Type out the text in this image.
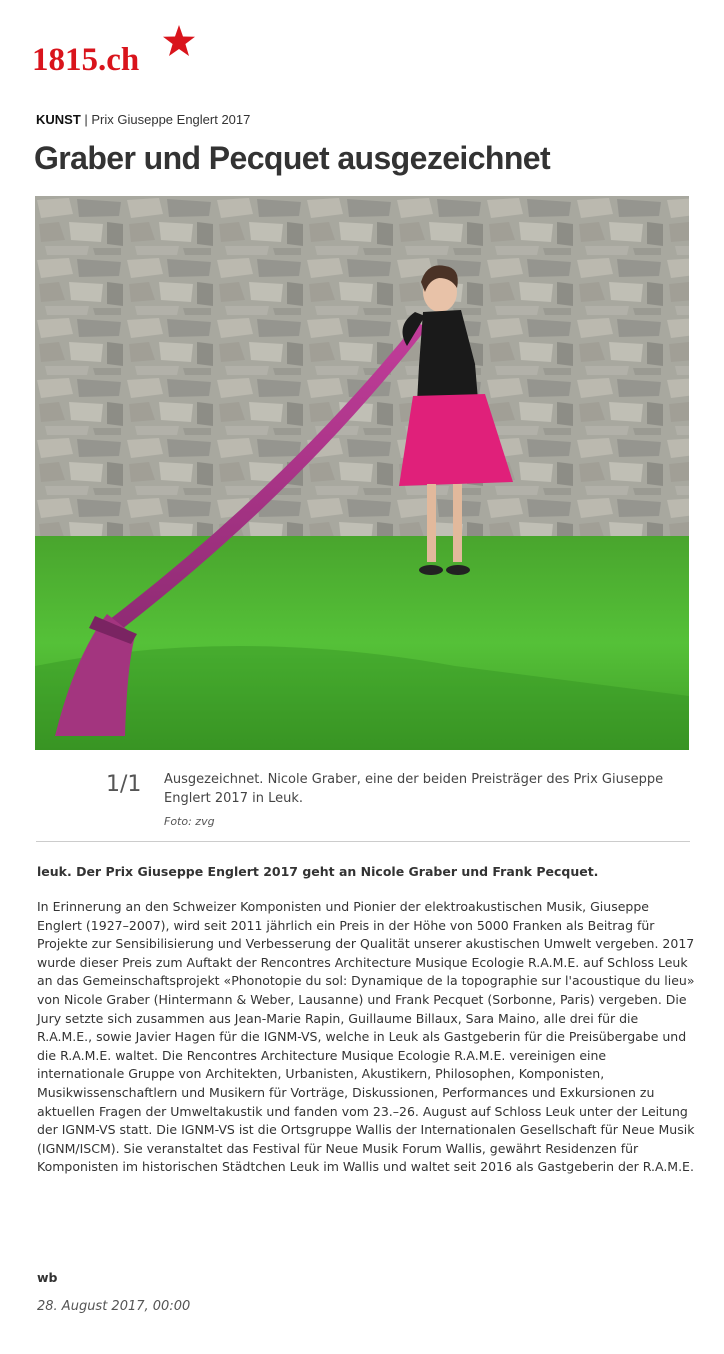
1815.ch
KUNST | Prix Giuseppe Englert 2017
Graber und Pecquet ausgezeichnet
1/1 Ausgezeichnet. Nicole Graber, eine der beiden Preisträger des Prix Giuseppe Englert 2017 in Leuk.
Foto: zvg

leuk. Der Prix Giuseppe Englert 2017 geht an Nicole Graber und Frank Pecquet.

In Erinnerung an den Schweizer Komponisten und Pionier der elektroakustischen Musik, Giuseppe Englert (1927–2007), wird seit 2011 jährlich ein Preis in der Höhe von 5000 Franken als Beitrag für Projekte zur Sensibilisierung und Verbesserung der Qualität unserer akustischen Umwelt vergeben. 2017 wurde dieser Preis zum Auftakt der Rencontres Architecture Musique Ecologie R.A.M.E. auf Schloss Leuk an das Gemeinschaftsprojekt «Phonotopie du sol: Dynamique de la topographie sur l'acoustique du lieu» von Nicole Graber (Hintermann & Weber, Lausanne) und Frank Pecquet (Sorbonne, Paris) vergeben. Die Jury setzte sich zusammen aus Jean-Marie Rapin, Guillaume Billaux, Sara Maino, alle drei für die R.A.M.E., sowie Javier Hagen für die IGNM-VS, welche in Leuk als Gastgeberin für die Preisübergabe und die R.A.M.E. waltet. Die Rencontres Architecture Musique Ecologie R.A.M.E. vereinigen eine internationale Gruppe von Architekten, Urbanisten, Akustikern, Philosophen, Komponisten, Musikwissenschaftlern und Musikern für Vorträge, Diskussionen, Performances und Exkursionen zu aktuellen Fragen der Umweltakustik und fanden vom 23.–26. August auf Schloss Leuk unter der Leitung der IGNM-VS statt. Die IGNM-VS ist die Ortsgruppe Wallis der Internationalen Gesellschaft für Neue Musik (IGNM/ISCM). Sie veranstaltet das Festival für Neue Musik Forum Wallis, gewährt Residenzen für Komponisten im historischen Städtchen Leuk im Wallis und waltet seit 2016 als Gastgeberin der R.A.M.E.

wb
28. August 2017, 00:00
